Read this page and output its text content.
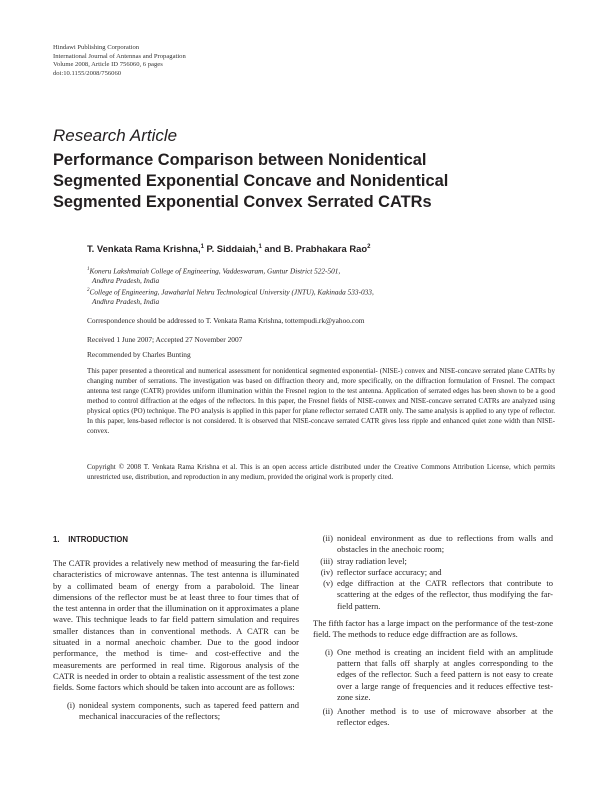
Hindawi Publishing Corporation
International Journal of Antennas and Propagation
Volume 2008, Article ID 756060, 6 pages
doi:10.1155/2008/756060
Research Article
Performance Comparison between Nonidentical
Segmented Exponential Concave and Nonidentical
Segmented Exponential Convex Serrated CATRs
T. Venkata Rama Krishna,$^1$ P. Siddaiah,$^1$ and B. Prabhakara Rao$^2$
$^1$Koneru Lakshmaiah College of Engineering, Vaddeswaram, Guntur District 522-501,
Andhra Pradesh, India
$^2$College of Engineering, Jawaharlal Nehru Technological University (JNTU), Kakinada 533-033,
Andhra Pradesh, India
Correspondence should be addressed to T. Venkata Rama Krishna, tottempudi.rk@yahoo.com
Received 1 June 2007; Accepted 27 November 2007
Recommended by Charles Bunting
This paper presented a theoretical and numerical assessment for nonidentical segmented exponential- (NISE-) convex and NISE-concave serrated plane CATRs by changing number of serrations. The investigation was based on diffraction theory and, more specifically, on the diffraction formulation of Fresnel. The compact antenna test range (CATR) provides uniform illumination within the Fresnel region to the test antenna. Application of serrated edges has been shown to be a good method to control diffraction at the edges of the reflectors. In this paper, the Fresnel fields of NISE-convex and NISE-concave serrated CATRs are analyzed using physical optics (PO) technique. The PO analysis is applied in this paper for plane reflector serrated CATR only. The same analysis is applied to any type of reflector. In this paper, lens-based reflector is not considered. It is observed that NISE-concave serrated CATR gives less ripple and enhanced quiet zone width than NISE-convex.
Copyright © 2008 T. Venkata Rama Krishna et al. This is an open access article distributed under the Creative Commons Attribution License, which permits unrestricted use, distribution, and reproduction in any medium, provided the original work is properly cited.
1. INTRODUCTION

The CATR provides a relatively new method of measuring the far-field characteristics of microwave antennas. The test antenna is illuminated by a collimated beam of energy from a paraboloid. The linear dimensions of the reflector must be at least three to four times that of the test antenna in order that the illumination on it approximates a plane wave. This technique leads to far field pattern simulation and requires smaller distances than in conventional methods. A CATR can be situated in a normal anechoic chamber. Due to the good indoor performance, the method is time- and cost-effective and the measurements are performed in real time. Rigorous analysis of the CATR is needed in order to obtain a realistic assessment of the test zone fields. Some factors which should be taken into account are as follows:

(i) nonideal system components, such as tapered feed pattern and mechanical inaccuracies of the reflectors;
(ii) nonideal environment as due to reflections from walls and obstacles in the anechoic room;
(iii) stray radiation level;
(iv) reflector surface accuracy; and
(v) edge diffraction at the CATR reflectors that contribute to scattering at the edges of the reflector, thus modifying the far-field pattern.

The fifth factor has a large impact on the performance of the test-zone field. The methods to reduce edge diffraction are as follows.

(i) One method is creating an incident field with an amplitude pattern that falls off sharply at angles corresponding to the edges of the reflector. Such a feed pattern is not easy to create over a large range of frequencies and it reduces effective test-zone size.
(ii) Another method is to use of microwave absorber at the reflector edges.
